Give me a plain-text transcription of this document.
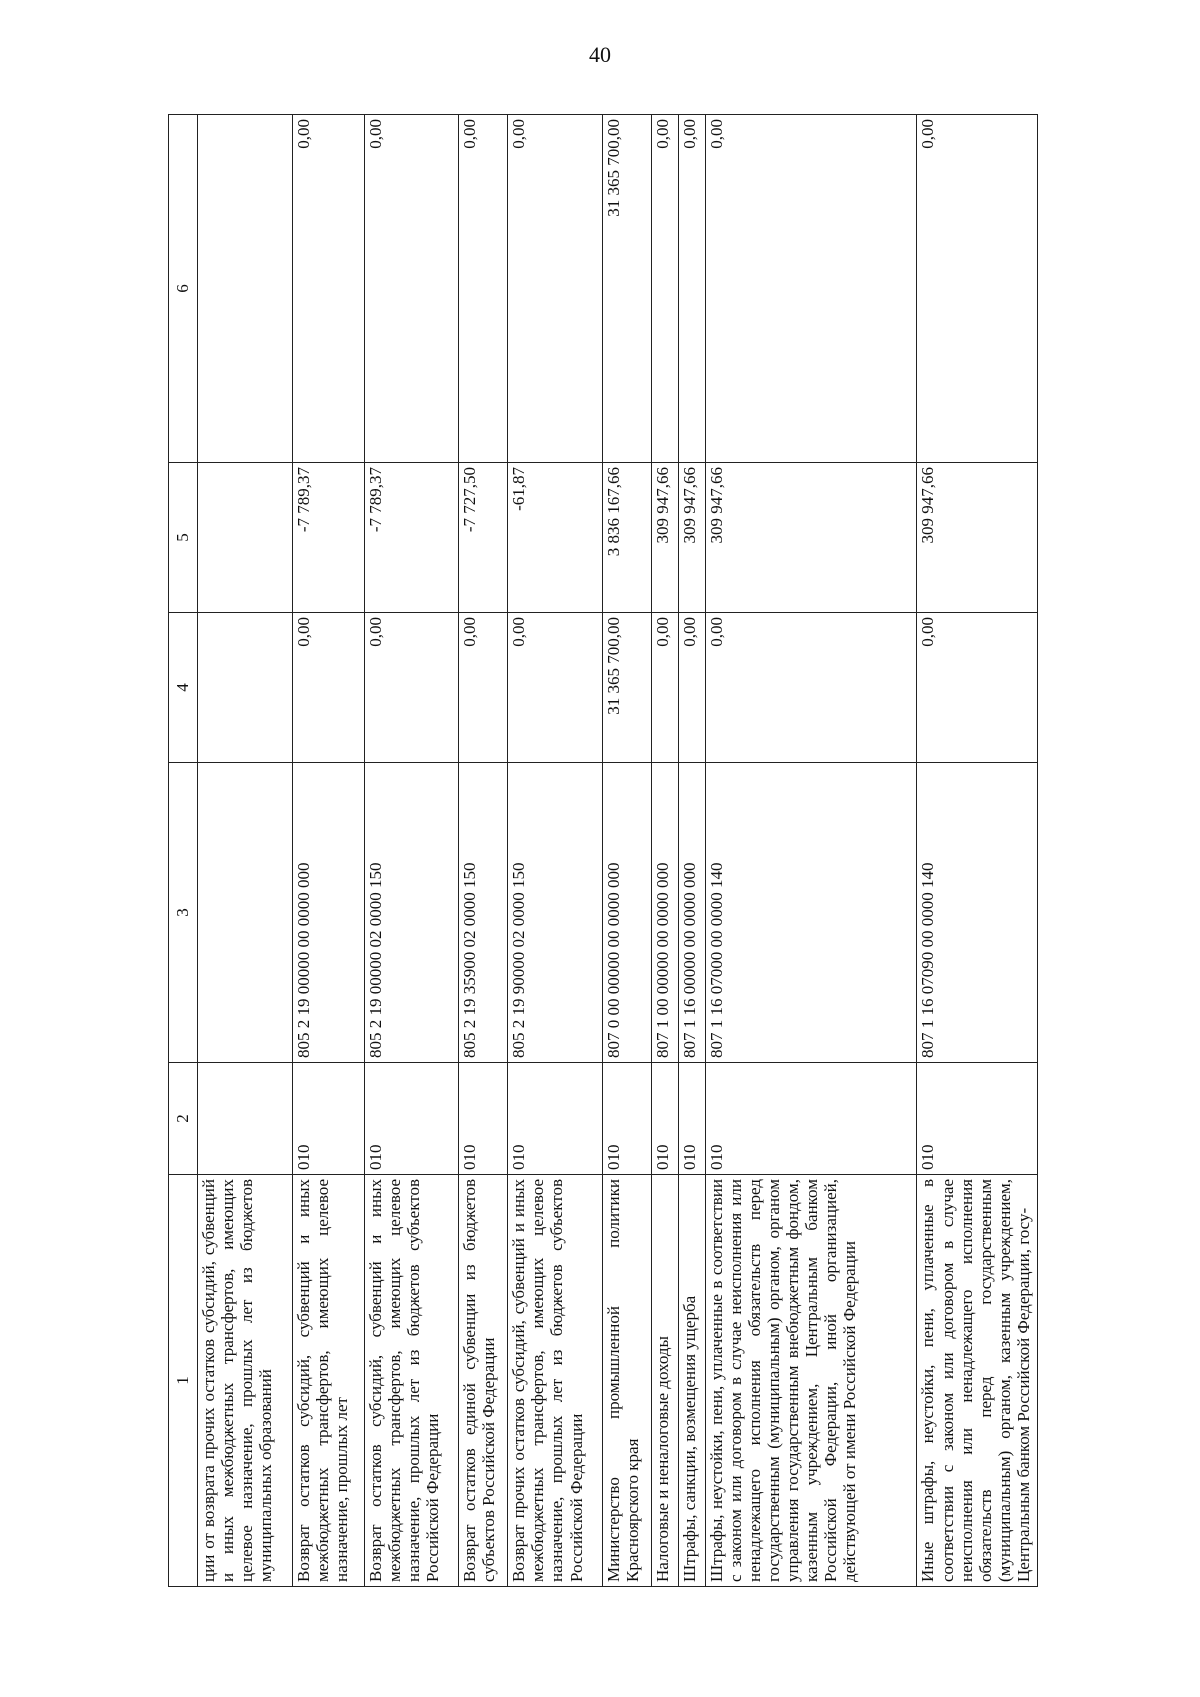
40
1	2	3	4	5	6
ции от возврата прочих остатков субсидий, субвенций и иных межбюджетных трансфертов, имеющих целевое назначение, прошлых лет из бюджетов муниципальных образований					
Возврат остатков субсидий, субвенций и иных межбюджетных трансфертов, имеющих целевое назначение, прошлых лет	010	805 2 19 00000 00 0000 000	0,00	-7 789,37	0,00
Возврат остатков субсидий, субвенций и иных межбюджетных трансфертов, имеющих целевое назначение, прошлых лет из бюджетов субъектов Российской Федерации	010	805 2 19 00000 02 0000 150	0,00	-7 789,37	0,00
Возврат остатков единой субвенции из бюджетов субъектов Российской Федерации	010	805 2 19 35900 02 0000 150	0,00	-7 727,50	0,00
Возврат прочих остатков субсидий, субвенций и иных межбюджетных трансфертов, имеющих целевое назначение, прошлых лет из бюджетов субъектов Российской Федерации	010	805 2 19 90000 02 0000 150	0,00	-61,87	0,00
Министерство промышленной политики Красноярского края	010	807 0 00 00000 00 0000 000	31 365 700,00	3 836 167,66	31 365 700,00
Налоговые и неналоговые доходы	010	807 1 00 00000 00 0000 000	0,00	309 947,66	0,00
Штрафы, санкции, возмещения ущерба	010	807 1 16 00000 00 0000 000	0,00	309 947,66	0,00
Штрафы, неустойки, пени, уплаченные в соответствии с законом или договором в случае неисполнения или ненадлежащего исполнения обязательств перед государственным (муниципальным) органом, органом управления государственным внебюджетным фондом, казенным учреждением, Центральным банком Российской Федерации, иной организацией, действующей от имени Российской Федерации	010	807 1 16 07000 00 0000 140	0,00	309 947,66	0,00
Иные штрафы, неустойки, пени, уплаченные в соответствии с законом или договором в случае неисполнения или ненадлежащего исполнения обязательств перед государственным (муниципальным) органом, казенным учреждением, Центральным банком Российской Федерации, госу-	010	807 1 16 07090 00 0000 140	0,00	309 947,66	0,00
